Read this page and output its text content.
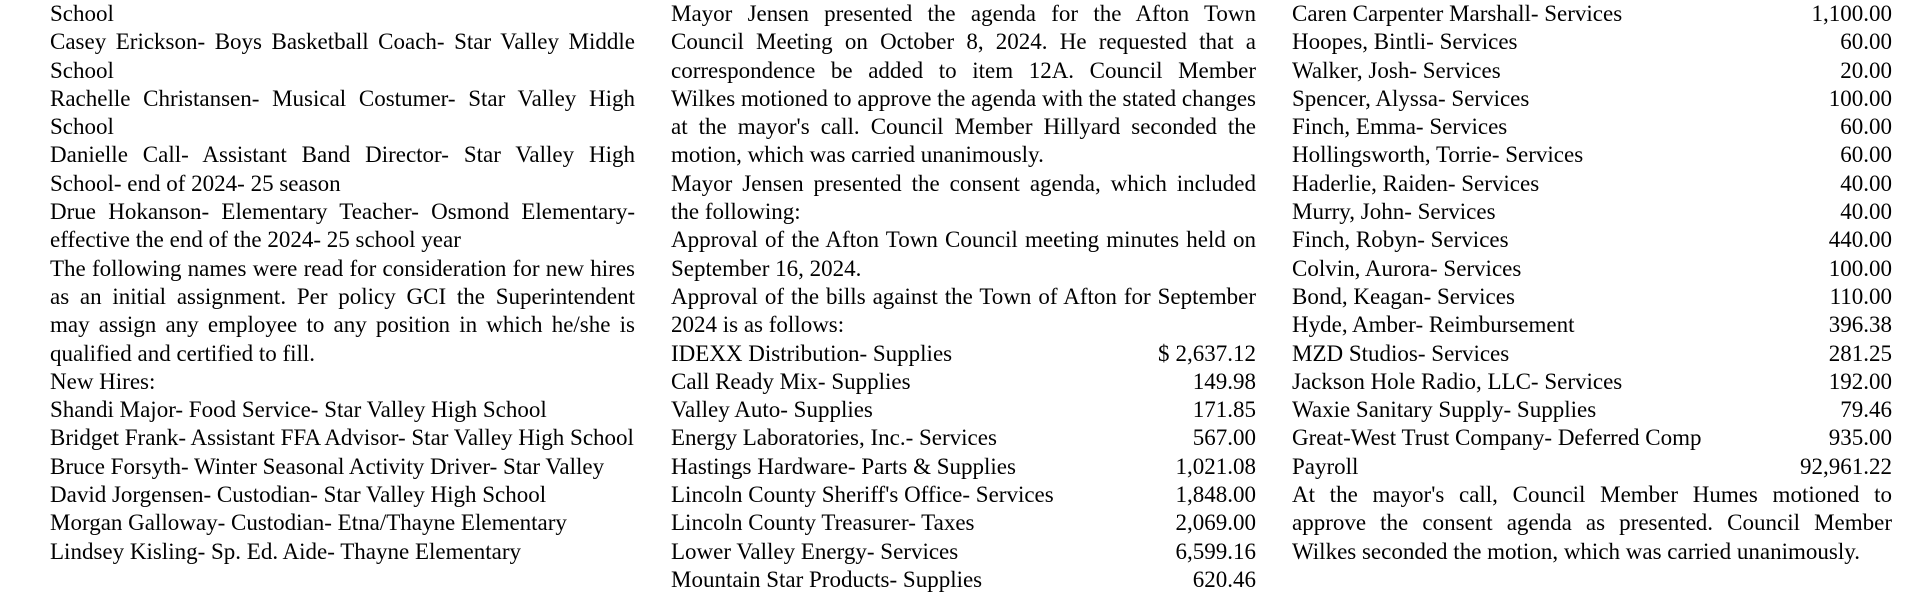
School

Casey Erickson- Boys Basketball Coach- Star Valley Middle School

Rachelle Christansen- Musical Costumer- Star Valley High School

Danielle Call- Assistant Band Director- Star Valley High School- end of 2024- 25 season

Drue Hokanson- Elementary Teacher- Osmond Elementary- effective the end of the 2024- 25 school year

The following names were read for consideration for new hires as an initial assignment. Per policy GCI the Superintendent may assign any employee to any position in which he/she is qualified and certified to fill.

New Hires:

Shandi Major- Food Service- Star Valley High School

Bridget Frank- Assistant FFA Advisor- Star Valley High School

Bruce Forsyth- Winter Seasonal Activity Driver- Star Valley

David Jorgensen- Custodian- Star Valley High School

Morgan Galloway- Custodian- Etna/Thayne Elementary

Lindsey Kisling- Sp. Ed. Aide- Thayne Elementary

Mayor Jensen presented the agenda for the Afton Town Council Meeting on October 8, 2024. He requested that a correspondence be added to item 12A. Council Member Wilkes motioned to approve the agenda with the stated changes at the mayor's call. Council Member Hillyard seconded the motion, which was carried unanimously.

Mayor Jensen presented the consent agenda, which included the following:

Approval of the Afton Town Council meeting minutes held on September 16, 2024.

Approval of the bills against the Town of Afton for September 2024 is as follows:

IDEXX Distribution- Supplies	$ 2,637.12
Call Ready Mix- Supplies	149.98
Valley Auto- Supplies	171.85
Energy Laboratories, Inc.- Services	567.00
Hastings Hardware- Parts & Supplies	1,021.08
Lincoln County Sheriff's Office- Services	1,848.00
Lincoln County Treasurer- Taxes	2,069.00
Lower Valley Energy- Services	6,599.16
Mountain Star Products- Supplies	620.46
Caren Carpenter Marshall- Services	1,100.00
Hoopes, Bintli- Services	60.00
Walker, Josh- Services	20.00
Spencer, Alyssa- Services	100.00
Finch, Emma- Services	60.00
Hollingsworth, Torrie- Services	60.00
Haderlie, Raiden- Services	40.00
Murry, John- Services	40.00
Finch, Robyn- Services	440.00
Colvin, Aurora- Services	100.00
Bond, Keagan- Services	110.00
Hyde, Amber- Reimbursement	396.38
MZD Studios- Services	281.25
Jackson Hole Radio, LLC- Services	192.00
Waxie Sanitary Supply- Supplies	79.46
Great-West Trust Company- Deferred Comp	935.00
Payroll	92,961.22

At the mayor's call, Council Member Humes motioned to approve the consent agenda as presented. Council Member Wilkes seconded the motion, which was carried unanimously.
